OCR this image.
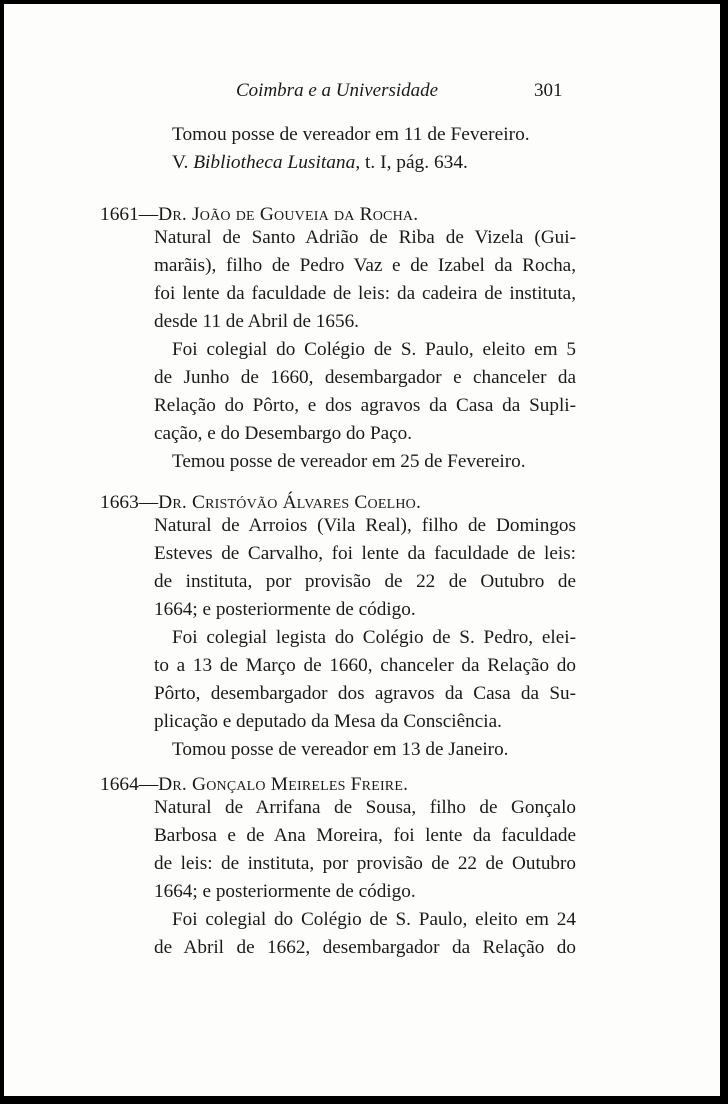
Coimbra e a Universidade	301
Tomou posse de vereador em 11 de Fevereiro.
V. Bibliotheca Lusitana, t. I, pág. 634.
1661—Dr. João de Gouveia da Rocha.
Natural de Santo Adrião de Riba de Vizela (Gui-
marãis), filho de Pedro Vaz e de Izabel da Rocha,
foi lente da faculdade de leis: da cadeira de instituta,
desde 11 de Abril de 1656.
Foi colegial do Colégio de S. Paulo, eleito em 5
de Junho de 1660, desembargador e chanceler da
Relação do Pôrto, e dos agravos da Casa da Supli-
cação, e do Desembargo do Paço.
Temou posse de vereador em 25 de Fevereiro.
1663—Dr. Cristóvão Álvares Coelho.
Natural de Arroios (Vila Real), filho de Domingos
Esteves de Carvalho, foi lente da faculdade de leis:
de instituta, por provisão de 22 de Outubro de
1664; e posteriormente de código.
Foi colegial legista do Colégio de S. Pedro, elei-
to a 13 de Março de 1660, chanceler da Relação do
Pôrto, desembargador dos agravos da Casa da Su-
plicação e deputado da Mesa da Consciência.
Tomou posse de vereador em 13 de Janeiro.
1664—Dr. Gonçalo Meireles Freire.
Natural de Arrifana de Sousa, filho de Gonçalo
Barbosa e de Ana Moreira, foi lente da faculdade
de leis: de instituta, por provisão de 22 de Outubro
1664; e posteriormente de código.
Foi colegial do Colégio de S. Paulo, eleito em 24
de Abril de 1662, desembargador da Relação do
